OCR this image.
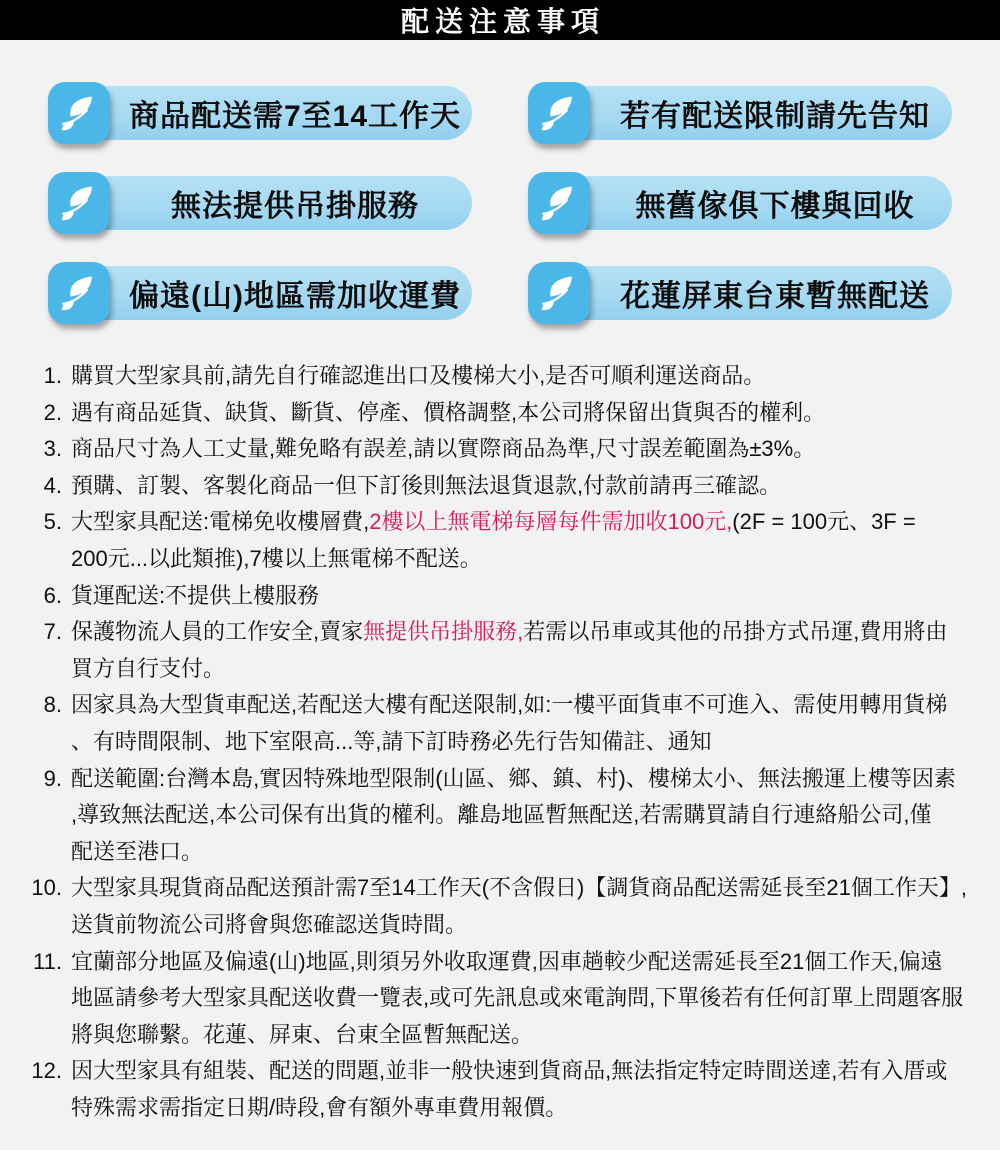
配送注意事項
商品配送需7至14工作天	若有配送限制請先告知
無法提供吊掛服務	無舊傢俱下樓與回收
偏遠(山)地區需加收運費	花蓮屏東台東暫無配送
1. 購買大型家具前,請先自行確認進出口及樓梯大小,是否可順利運送商品。
2. 遇有商品延貨、缺貨、斷貨、停產、價格調整,本公司將保留出貨與否的權利。
3. 商品尺寸為人工丈量,難免略有誤差,請以實際商品為準,尺寸誤差範圍為±3%。
4. 預購、訂製、客製化商品一但下訂後則無法退貨退款,付款前請再三確認。
5. 大型家具配送:電梯免收樓層費,2樓以上無電梯每層每件需加收100元,(2F = 100元、3F =
200元...以此類推),7樓以上無電梯不配送。
6. 貨運配送:不提供上樓服務
7. 保護物流人員的工作安全,賣家無提供吊掛服務,若需以吊車或其他的吊掛方式吊運,費用將由
買方自行支付。
8. 因家具為大型貨車配送,若配送大樓有配送限制,如:一樓平面貨車不可進入、需使用轉用貨梯
、有時間限制、地下室限高...等,請下訂時務必先行告知備註、通知
9. 配送範圍:台灣本島,實因特殊地型限制(山區、鄉、鎮、村)、樓梯太小、無法搬運上樓等因素
,導致無法配送,本公司保有出貨的權利。離島地區暫無配送,若需購買請自行連絡船公司,僅
配送至港口。
10. 大型家具現貨商品配送預計需7至14工作天(不含假日)【調貨商品配送需延長至21個工作天】,
送貨前物流公司將會與您確認送貨時間。
11. 宜蘭部分地區及偏遠(山)地區,則須另外收取運費,因車趟較少配送需延長至21個工作天,偏遠
地區請參考大型家具配送收費一覽表,或可先訊息或來電詢問,下單後若有任何訂單上問題客服
將與您聯繫。花蓮、屏東、台東全區暫無配送。
12. 因大型家具有組裝、配送的問題,並非一般快速到貨商品,無法指定特定時間送達,若有入厝或
特殊需求需指定日期/時段,會有額外專車費用報價。
